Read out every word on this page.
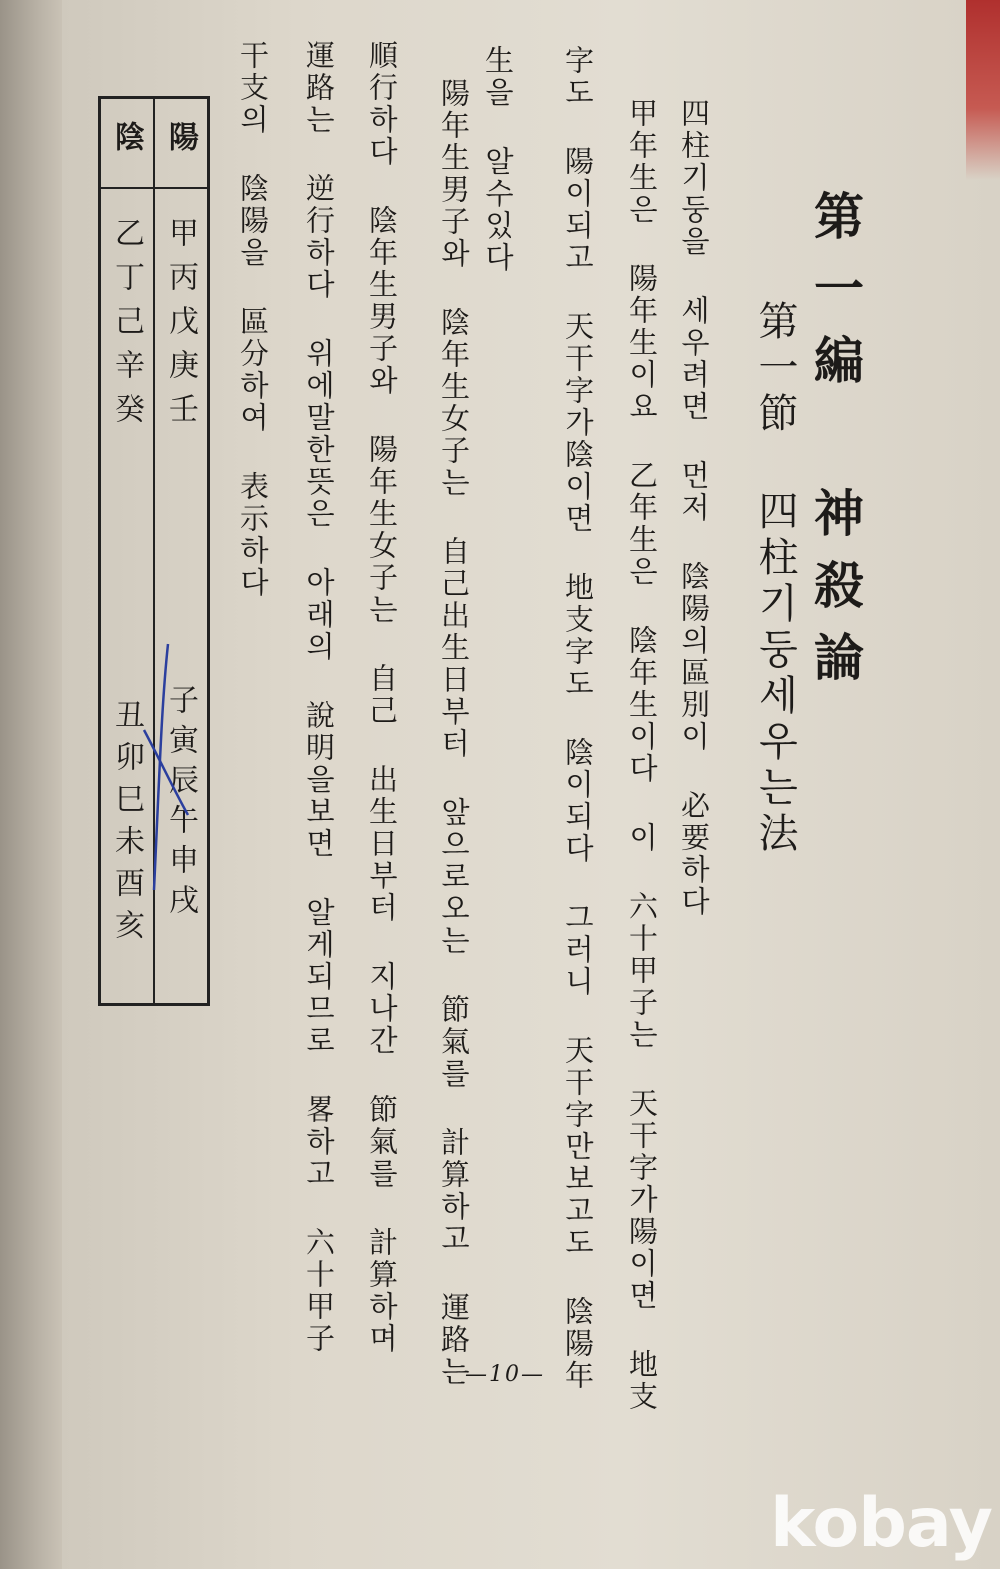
第一編 神殺論
第一節 四柱기둥세우는法
四柱기둥을 세우려면 먼저 陰陽의區別이 必要하다
甲年生은 陽年生이요 乙年生은 陰年生이다 이 六十甲子는 天干字가陽이면 地支
字도 陽이되고 天干字가陰이면 地支字도 陰이되다 그러니 天干字만보고도 陰陽年
生을 알수있다
陽年生男子와 陰年生女子는 自己出生日부터 앞으로오는 節氣를 計算하고 運路는
順行하다 陰年生男子와 陽年生女子는 自己 出生日부터 지나간 節氣를 計算하며
運路는 逆行하다 위에말한뜻은 아래의 說明을보면 알게되므로 畧하고 六十甲子
干支의 陰陽을 區分하여 表示하다
陽
陰
甲丙戊庚壬
乙丁己辛癸
子寅辰午申戌
丑卯巳未酉亥
—10—
kobay
